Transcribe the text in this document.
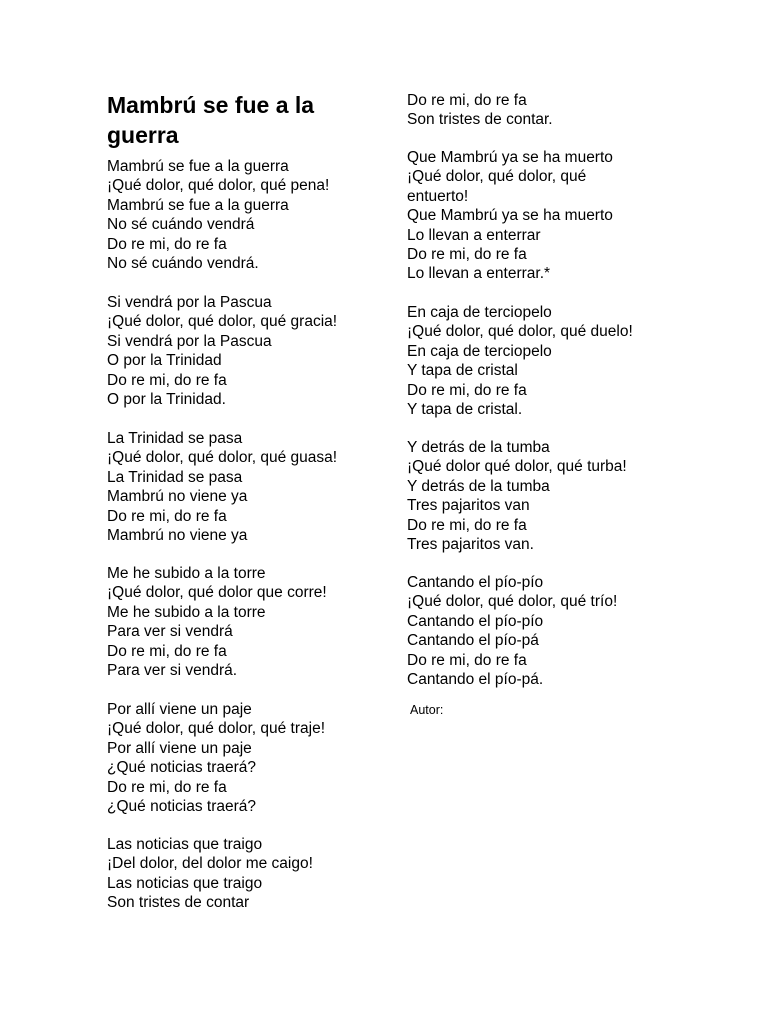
Mambrú se fue a la guerra
Mambrú se fue a la guerra
¡Qué dolor, qué dolor, qué pena!
Mambrú se fue a la guerra
No sé cuándo vendrá
Do re mi, do re fa
No sé cuándo vendrá.
Si vendrá por la Pascua
¡Qué dolor, qué dolor, qué gracia!
Si vendrá por la Pascua
O por la Trinidad
Do re mi, do re fa
O por la Trinidad.
La Trinidad se pasa
¡Qué dolor, qué dolor, qué guasa!
La Trinidad se pasa
Mambrú no viene ya
Do re mi, do re fa
Mambrú no viene ya
Me he subido a la torre
¡Qué dolor, qué dolor que corre!
Me he subido a la torre
Para ver si vendrá
Do re mi, do re fa
Para ver si vendrá.
Por allí viene un paje
¡Qué dolor, qué dolor, qué traje!
Por allí viene un paje
¿Qué noticias traerá?
Do re mi, do re fa
¿Qué noticias traerá?
Las noticias que traigo
¡Del dolor, del dolor me caigo!
Las noticias que traigo
Son tristes de contar
Do re mi, do re fa
Son tristes de contar.
Que Mambrú ya se ha muerto
¡Qué dolor, qué dolor, qué
entuerto!
Que Mambrú ya se ha muerto
Lo llevan a enterrar
Do re mi, do re fa
Lo llevan a enterrar.*
En caja de terciopelo
¡Qué dolor, qué dolor, qué duelo!
En caja de terciopelo
Y tapa de cristal
Do re mi, do re fa
Y tapa de cristal.
Y detrás de la tumba
¡Qué dolor qué dolor, qué turba!
Y detrás de la tumba
Tres pajaritos van
Do re mi, do re fa
Tres pajaritos van.
Cantando el pío-pío
¡Qué dolor, qué dolor, qué trío!
Cantando el pío-pío
Cantando el pío-pá
Do re mi, do re fa
Cantando el pío-pá.
Autor:
